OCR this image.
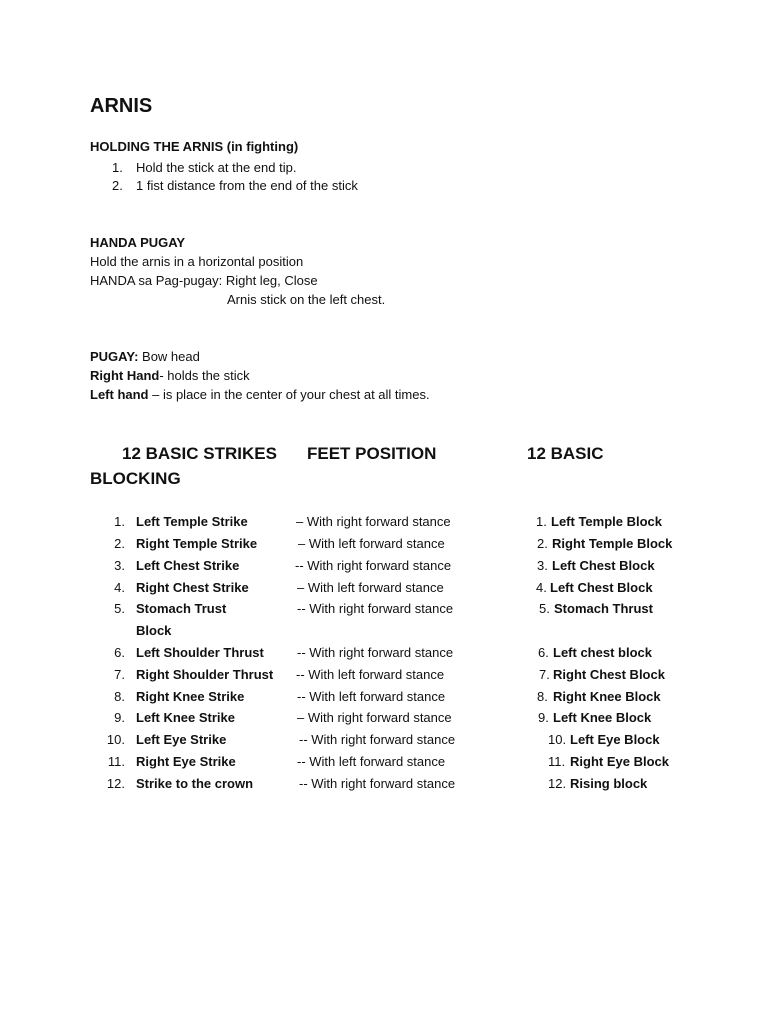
ARNIS
HOLDING THE ARNIS (in fighting)
1. Hold the stick at the end tip.
2. 1 fist distance from the end of the stick
HANDA PUGAY
Hold the arnis in a horizontal position
HANDA sa Pag-pugay: Right leg, Close
Arnis stick on the left chest.
PUGAY: Bow head
Right Hand- holds the stick
Left hand – is place in the center of your chest at all times.
12 BASIC STRIKES FEET POSITION	12 BASIC
BLOCKING
1. Left Temple Strike	– With right forward stance	1. Left Temple Block
2. Right Temple Strike	– With left forward stance	2. Right Temple Block
3. Left Chest Strike	-- With right forward stance	3. Left Chest Block
4. Right Chest Strike	– With left forward stance	4. Left Chest Block
5. Stomach Trust	-- With right forward stance	5. Stomach Thrust
Block
6. Left Shoulder Thrust	-- With right forward stance	6. Left chest block
7. Right Shoulder Thrust -- With left forward stance	7. Right Chest Block
8. Right Knee Strike	-- With left forward stance	8. Right Knee Block
9. Left Knee Strike	– With right forward stance	9. Left Knee Block
10. Left Eye Strike	-- With right forward stance	10. Left Eye Block
11. Right Eye Strike	-- With left forward stance	11. Right Eye Block
12. Strike to the crown	-- With right forward stance	12. Rising block
